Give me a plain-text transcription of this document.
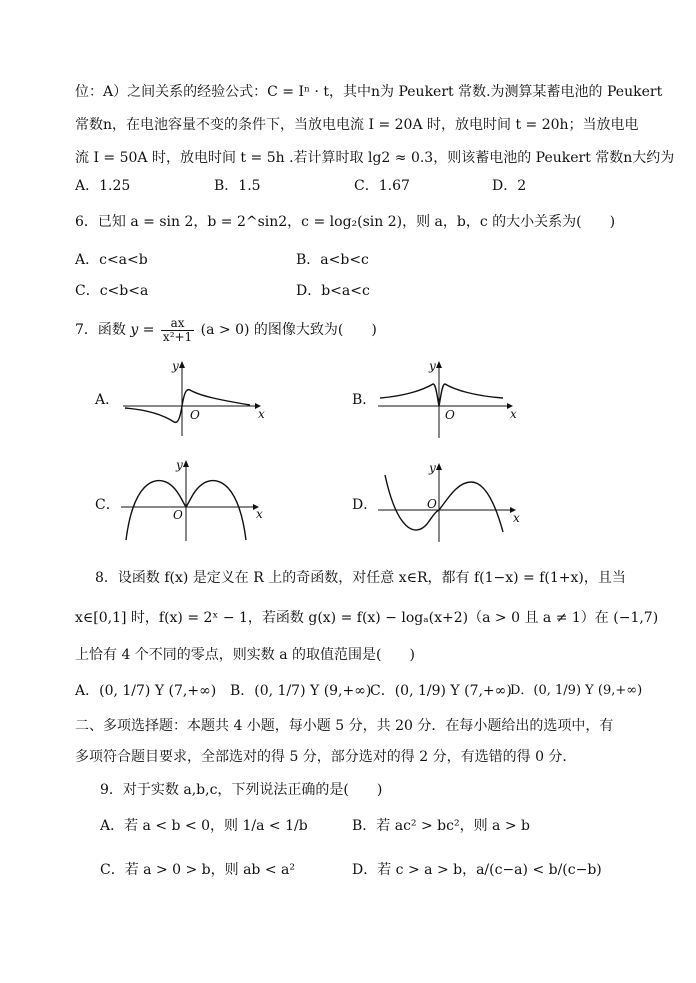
位：A）之间关系的经验公式：C = Iⁿ · t，其中n为 Peukert 常数.为测算某蓄电池的 Peukert
常数n，在电池容量不变的条件下，当放电电流 I = 20A 时，放电时间 t = 20h；当放电电
流 I = 50A 时，放电时间 t = 5h .若计算时取 lg2 ≈ 0.3，则该蓄电池的 Peukert 常数n大约为
A．1.25	B．1.5	C．1.67	D．2
6．已知 a = sin 2，b = 2^sin2，c = log₂(sin 2)，则 a，b，c 的大小关系为(　　)
A．c<a<b	B．a<b<c
C．c<b<a	D．b<a<c
7．函数 $y = \frac{ax}{\text{x²+1}} (a > 0)$ 的图像大致为(　　)
A．	B．
C．	D．
O	x
y
O	x
y
O	x
y
O
x
y
8．设函数 f(x) 是定义在 R 上的奇函数，对任意 x∈R，都有 f(1−x) = f(1+x)，且当
x∈[0,1] 时，f(x) = 2ˣ − 1，若函数 g(x) = f(x) − logₐ(x+2)（a > 0 且 a ≠ 1）在 (−1,7)
上恰有 4 个不同的零点，则实数 a 的取值范围是(　　)
A．(0, 1/7) Y (7,+∞) B．(0, 1/7) Y (9,+∞)
C．(0, 1/9) Y (7,+∞)
D．(0, 1/9) Y (9,+∞)
二、多项选择题：本题共 4 小题，每小题 5 分，共 20 分．在每小题给出的选项中，有
多项符合题目要求，全部选对的得 5 分，部分选对的得 2 分，有选错的得 0 分．
9．对于实数 a,b,c，下列说法正确的是(　　)
A．若 a < b < 0，则 1/a < 1/b	B．若 ac² > bc²，则 a > b
C．若 a > 0 > b，则 ab < a²	D．若 c > a > b，a/(c−a) < b/(c−b)
